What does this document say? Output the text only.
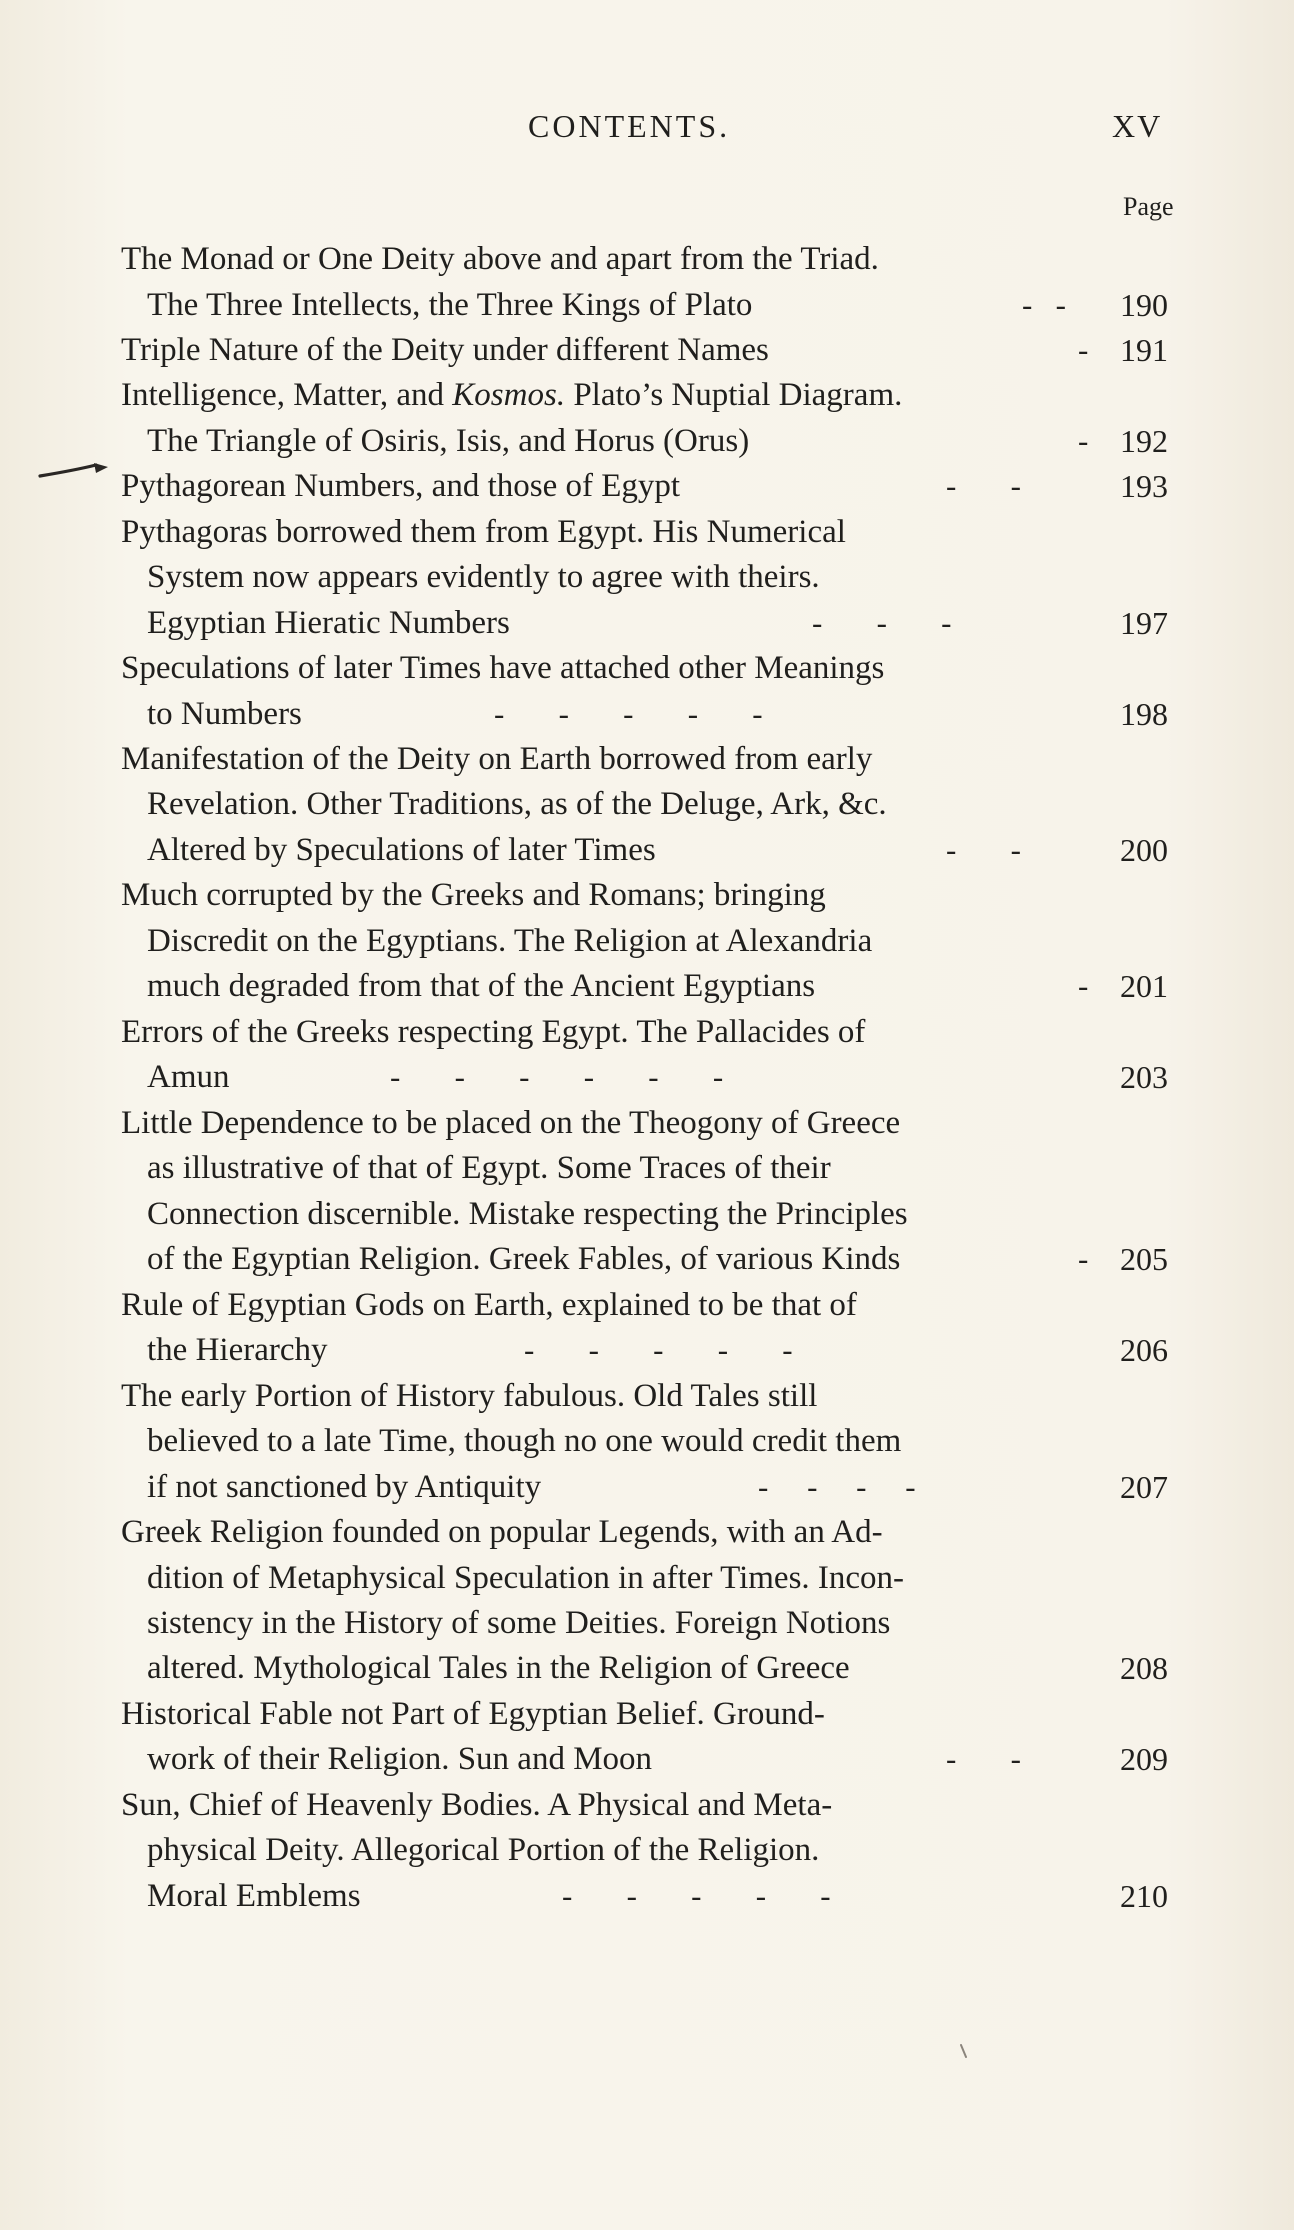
CONTENTS.	XV
Page
The Monad or One Deity above and apart from the Triad.
The Three Intellects, the Three Kings of Plato	-   - 190
Triple Nature of the Deity under different Names	- 191
Intelligence, Matter, and Kosmos. Plato’s Nuptial Diagram.
The Triangle of Osiris, Isis, and Horus (Orus)	- 192
Pythagorean Numbers, and those of Egypt	-       -	193
Pythagoras borrowed them from Egypt. His Numerical
System now appears evidently to agree with theirs.
Egyptian Hieratic Numbers	-       -       -	197
Speculations of later Times have attached other Meanings
to Numbers	-       -       -       -       -	198
Manifestation of the Deity on Earth borrowed from early
Revelation. Other Traditions, as of the Deluge, Ark, &c.
Altered by Speculations of later Times	-       -	200
Much corrupted by the Greeks and Romans; bringing
Discredit on the Egyptians. The Religion at Alexandria
much degraded from that of the Ancient Egyptians	- 201
Errors of the Greeks respecting Egypt. The Pallacides of
Amun	-       -       -       -       -       -	203
Little Dependence to be placed on the Theogony of Greece
as illustrative of that of Egypt. Some Traces of their
Connection discernible. Mistake respecting the Principles
of the Egyptian Religion. Greek Fables, of various Kinds	- 205
Rule of Egyptian Gods on Earth, explained to be that of
the Hierarchy	-       -       -       -       -	206
The early Portion of History fabulous. Old Tales still
believed to a late Time, though no one would credit them
if not sanctioned by Antiquity	-     -     -     -	207
Greek Religion founded on popular Legends, with an Ad-
dition of Metaphysical Speculation in after Times. Incon-
sistency in the History of some Deities. Foreign Notions
altered. Mythological Tales in the Religion of Greece	208
Historical Fable not Part of Egyptian Belief. Ground-
work of their Religion. Sun and Moon	-       -	209
Sun, Chief of Heavenly Bodies. A Physical and Meta-
physical Deity. Allegorical Portion of the Religion.
Moral Emblems	-       -       -       -       -	210
